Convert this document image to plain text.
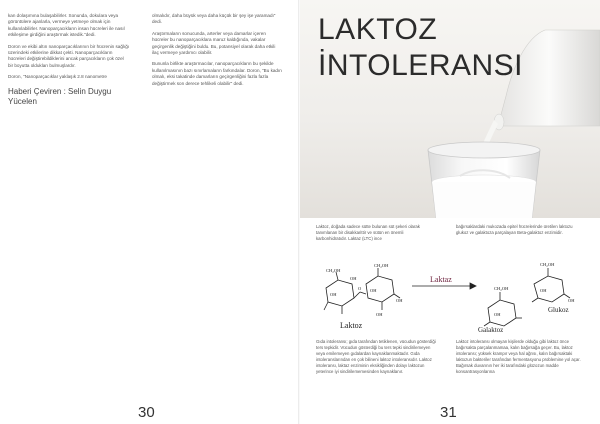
kan dolaşımına bulaşabilirler. Sonunda, dokulara veya görüntülere ajanlarla, vermeye yetmeye olmak için kullanılabilirler. Nanoparçacıkların insan hücreleri ile nasıl etkileşime girdiğini araştırmak istedik."dedi.

Doron ve ekibi altın nanoparçacıklarının bir hücrenin sağlığı üzerindeki etkilerine dikkat çekti. Nanoparçacıkların hücreleri değiştirebildiklerini ancak parçacıkların çok özel bir boyutta oldukları bulmuşlardır.

Doron, "Nanoparçacıklar yaklaşık 2.8 nanometre

Haberi Çeviren : Selin Duygu Yücelen

olmalıdır, daha büyük veya daha küçük bir şey işe yaramadı" dedi.

Araştırmaların sonucunda, arterler veya damarlar içeren hücreler bu nanoparçacıklara maruz kaldığında, vakalar geçirgenlik değiştiğini buldu. Bu, potansiyel olarak daha etkili ilaç vermeye yardımcı olabilir.

Bununla birlikte araştırmacılar, nanoparçacıkların bu şekilde kullanılmasının bazı sınırlamaların farkındalar. Doron, "Bu kadın olmalı, eksi takatinde damarların geçirgenliğini fazla fazla değiştirmek son derece tehlikeli olabilir" dedi.

30
LAKTOZ
İNTOLERANSI

Laktoz, doğada sadece sütte bulunan süt şekeri olarak tanımlanan bir disakkarittir ve sütün en önemli karbonhidratıdır. Laktaz (LTC) ince

bağırsaklardaki mukozada epitel hücrelerinde üretilen laktozu glukoz ve galaktoza parçalayan Beta-galaktoz enzimidir.

CH₂OH
CH₂OH
OH
OH
OH
OH
OH
O
Laktoz
Laktaz
CH₂OH
CH₂OH
OH
OH
OH
Galaktoz
Glukoz

Gıda intoleransı; gıda tarafından tetiklenen, vücudun gösterdiği ters tepkidir. Vücudun gösterdiği bu ters tepki sindirilemeyen veya emilemeyen gıdalardan kaynaklanmaktadır. Gıda intoleranslarından en çok bilineni laktoz intoleransıdır. Laktoz intoleransı, laktaz enziminin eksikliğinden dolayı laktozun yeterince iyi sindirilememesinden kaynaklanır.

Laktoz intoleransı olmayan kişilerde olduğu gibi laktoz önce bağırsakta parçalanmamaa, kalın bağırsağa geçer. Bu, laktoz intoleransı; yüksek krampır veya hal ağrısı, kalın bağırsaktaki laktozun bakteriler tarafından fermentasyonu problemine yol açar. Bağırsak duvarının her iki tarafındaki glüzozun madde konsantrasyonlarına

31
